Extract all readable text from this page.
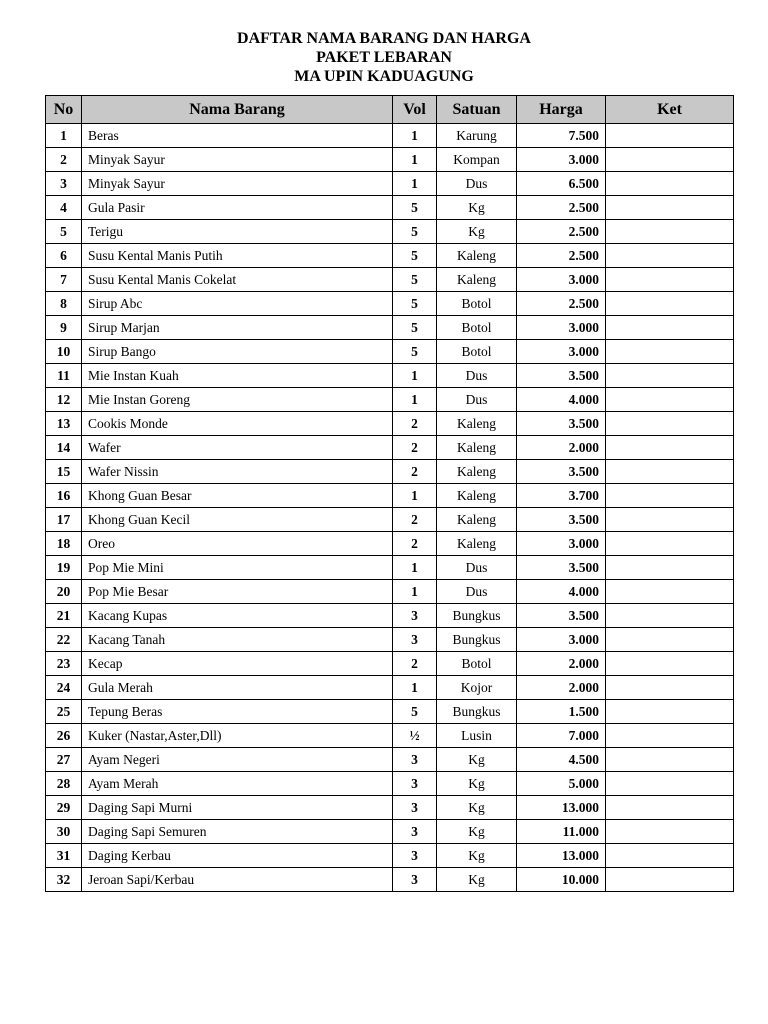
DAFTAR NAMA BARANG DAN HARGA
PAKET LEBARAN
MA UPIN KADUAGUNG
No	Nama Barang	Vol	Satuan	Harga	Ket
1	Beras	1	Karung	7.500	
2	Minyak Sayur	1	Kompan	3.000	
3	Minyak Sayur	1	Dus	6.500	
4	Gula Pasir	5	Kg	2.500	
5	Terigu	5	Kg	2.500	
6	Susu Kental Manis Putih	5	Kaleng	2.500	
7	Susu Kental Manis Cokelat	5	Kaleng	3.000	
8	Sirup Abc	5	Botol	2.500	
9	Sirup Marjan	5	Botol	3.000	
10	Sirup Bango	5	Botol	3.000	
11	Mie Instan Kuah	1	Dus	3.500	
12	Mie Instan Goreng	1	Dus	4.000	
13	Cookis Monde	2	Kaleng	3.500	
14	Wafer	2	Kaleng	2.000	
15	Wafer Nissin	2	Kaleng	3.500	
16	Khong Guan Besar	1	Kaleng	3.700	
17	Khong Guan Kecil	2	Kaleng	3.500	
18	Oreo	2	Kaleng	3.000	
19	Pop Mie Mini	1	Dus	3.500	
20	Pop Mie Besar	1	Dus	4.000	
21	Kacang Kupas	3	Bungkus	3.500	
22	Kacang Tanah	3	Bungkus	3.000	
23	Kecap	2	Botol	2.000	
24	Gula Merah	1	Kojor	2.000	
25	Tepung Beras	5	Bungkus	1.500	
26	Kuker (Nastar,Aster,Dll)	½	Lusin	7.000	
27	Ayam Negeri	3	Kg	4.500	
28	Ayam Merah	3	Kg	5.000	
29	Daging Sapi Murni	3	Kg	13.000	
30	Daging Sapi Semuren	3	Kg	11.000	
31	Daging Kerbau	3	Kg	13.000	
32	Jeroan Sapi/Kerbau	3	Kg	10.000	
